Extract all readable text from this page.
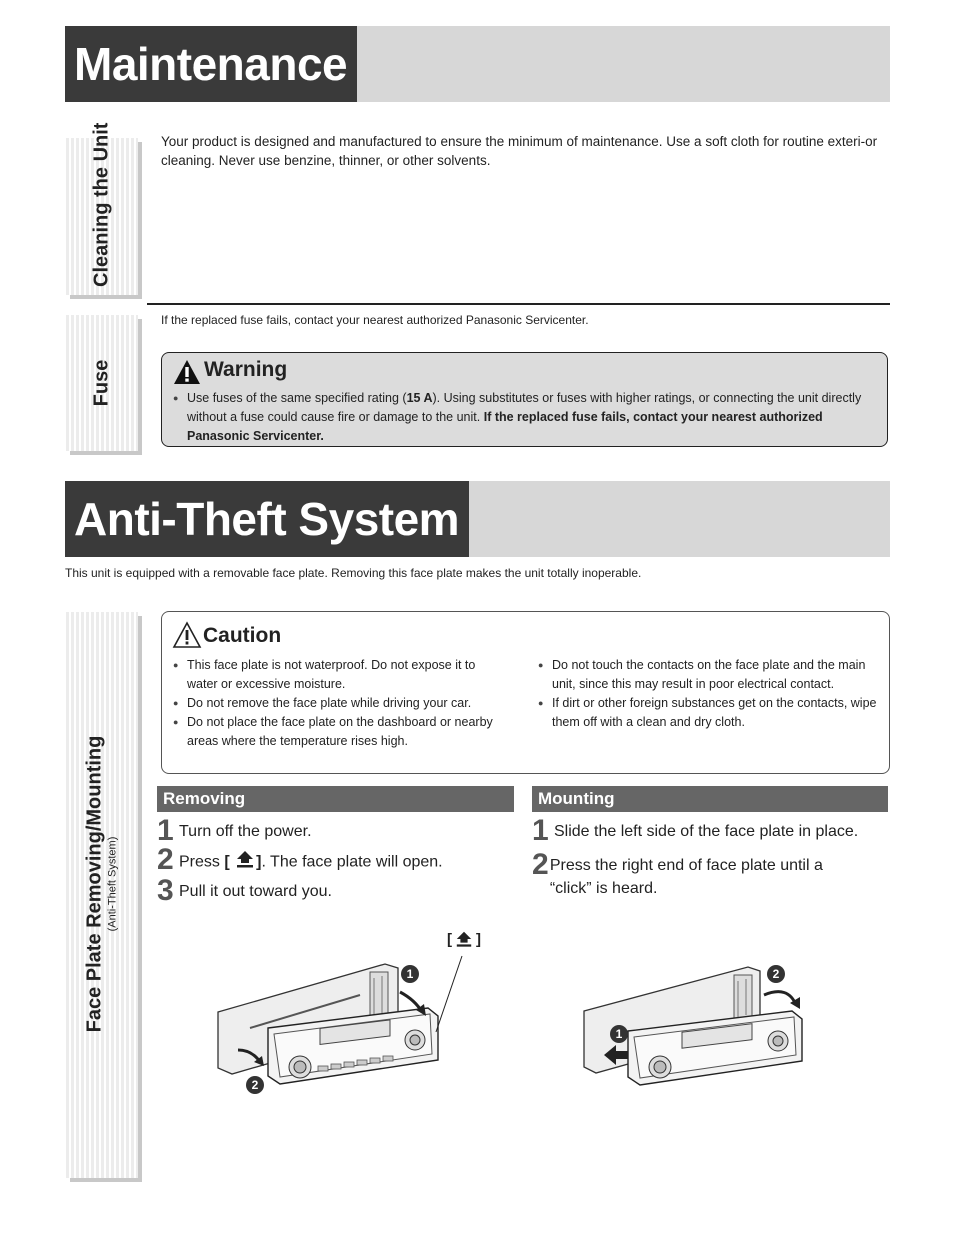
Maintenance
Cleaning the Unit	Your product is designed and manufactured to ensure the minimum of maintenance. Use a soft cloth for routine exteri-or cleaning. Never use benzine, thinner, or other solvents.
Fuse
If the replaced fuse fails, contact your nearest authorized Panasonic Servicenter.
Warning
● Use fuses of the same specified rating (15 A). Using substitutes or fuses with higher ratings, or connecting the unit directly without a fuse could cause fire or damage to the unit. If the replaced fuse fails, contact your nearest authorized Panasonic Servicenter.
Anti-Theft System
This unit is equipped with a removable face plate. Removing this face plate makes the unit totally inoperable.
Face Plate Removing/Mounting (Anti-Theft System)
Caution
● This face plate is not waterproof. Do not expose it to water or excessive moisture.
● Do not remove the face plate while driving your car.
● Do not place the face plate on the dashboard or nearby areas where the temperature rises high.
● Do not touch the contacts on the face plate and the main unit, since this may result in poor electrical contact.
● If dirt or other foreign substances get on the contacts, wipe them off with a clean and dry cloth.
Removing
1 Turn off the power.
2 Press [ ]. The face plate will open.
3 Pull it out toward you.
Mounting
1 Slide the left side of the face plate in place.
2 Press the right end of face plate until a “click” is heard.
[ ]
1
2
2
1
